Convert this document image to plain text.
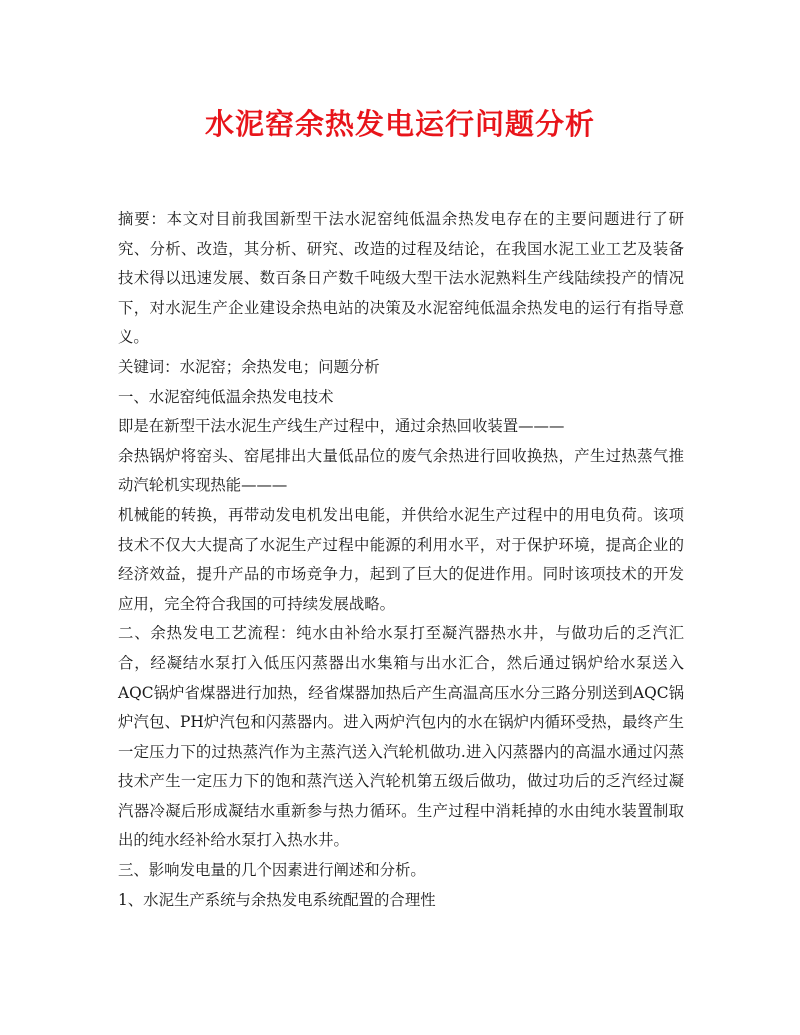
水泥窑余热发电运行问题分析

摘要：本文对目前我国新型干法水泥窑纯低温余热发电存在的主要问题进行了研究、分析、改造，其分析、研究、改造的过程及结论，在我国水泥工业工艺及装备技术得以迅速发展、数百条日产数千吨级大型干法水泥熟料生产线陆续投产的情况下，对水泥生产企业建设余热电站的决策及水泥窑纯低温余热发电的运行有指导意义。

关键词：水泥窑；余热发电；问题分析

一、水泥窑纯低温余热发电技术

即是在新型干法水泥生产线生产过程中，通过余热回收装置———

余热锅炉将窑头、窑尾排出大量低品位的废气余热进行回收换热，产生过热蒸气推动汽轮机实现热能———

机械能的转换，再带动发电机发出电能，并供给水泥生产过程中的用电负荷。该项技术不仅大大提高了水泥生产过程中能源的利用水平，对于保护环境，提高企业的经济效益，提升产品的市场竞争力，起到了巨大的促进作用。同时该项技术的开发应用，完全符合我国的可持续发展战略。

二、余热发电工艺流程：纯水由补给水泵打至凝汽器热水井，与做功后的乏汽汇合，经凝结水泵打入低压闪蒸器出水集箱与出水汇合，然后通过锅炉给水泵送入AQC锅炉省煤器进行加热，经省煤器加热后产生高温高压水分三路分别送到AQC锅炉汽包、PH炉汽包和闪蒸器内。进入两炉汽包内的水在锅炉内循环受热，最终产生一定压力下的过热蒸汽作为主蒸汽送入汽轮机做功.进入闪蒸器内的高温水通过闪蒸技术产生一定压力下的饱和蒸汽送入汽轮机第五级后做功，做过功后的乏汽经过凝汽器冷凝后形成凝结水重新参与热力循环。生产过程中消耗掉的水由纯水装置制取出的纯水经补给水泵打入热水井。

三、影响发电量的几个因素进行阐述和分析。

1、水泥生产系统与余热发电系统配置的合理性
